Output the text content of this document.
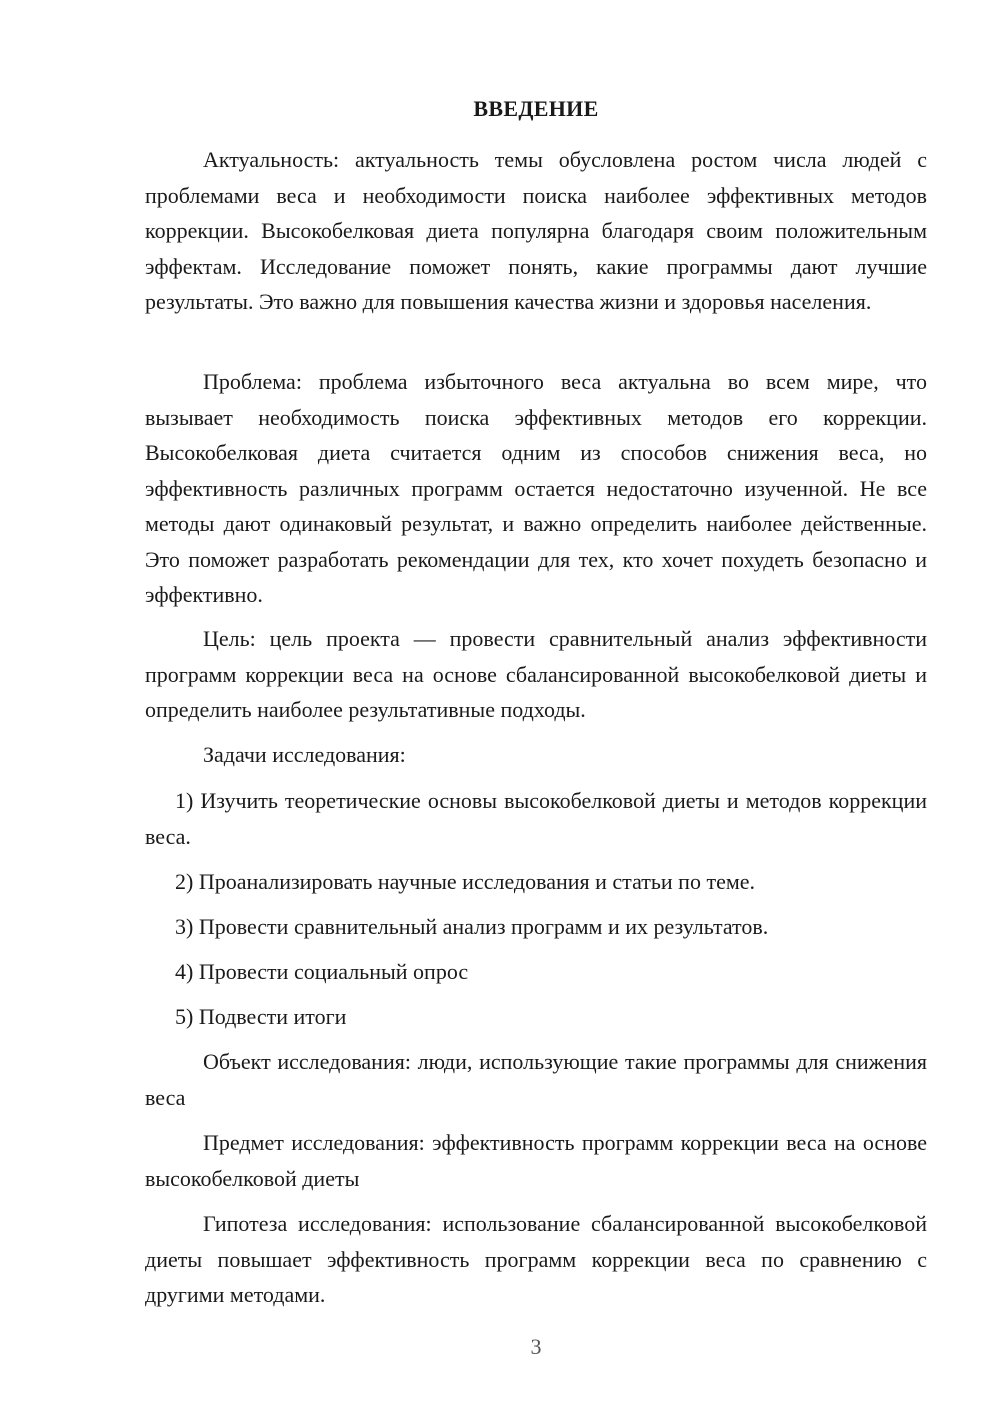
ВВЕДЕНИЕ

Актуальность: актуальность темы обусловлена ростом числа людей с проблемами веса и необходимости поиска наиболее эффективных методов коррекции. Высокобелковая диета популярна благодаря своим положительным эффектам. Исследование поможет понять, какие программы дают лучшие результаты. Это важно для повышения качества жизни и здоровья населения.

Проблема: проблема избыточного веса актуальна во всем мире, что вызывает необходимость поиска эффективных методов его коррекции. Высокобелковая диета считается одним из способов снижения веса, но эффективность различных программ остается недостаточно изученной. Не все методы дают одинаковый результат, и важно определить наиболее действенные. Это поможет разработать рекомендации для тех, кто хочет похудеть безопасно и эффективно.

Цель: цель проекта — провести сравнительный анализ эффективности программ коррекции веса на основе сбалансированной высокобелковой диеты и определить наиболее результативные подходы.

Задачи исследования:

1) Изучить теоретические основы высокобелковой диеты и методов коррекции веса.

2) Проанализировать научные исследования и статьи по теме.

3) Провести сравнительный анализ программ и их результатов.

4) Провести социальный опрос

5) Подвести итоги

Объект исследования: люди, использующие такие программы для снижения веса

Предмет исследования: эффективность программ коррекции веса на основе высокобелковой диеты

Гипотеза исследования: использование сбалансированной высокобелковой диеты повышает эффективность программ коррекции веса по сравнению с другими методами.

3
